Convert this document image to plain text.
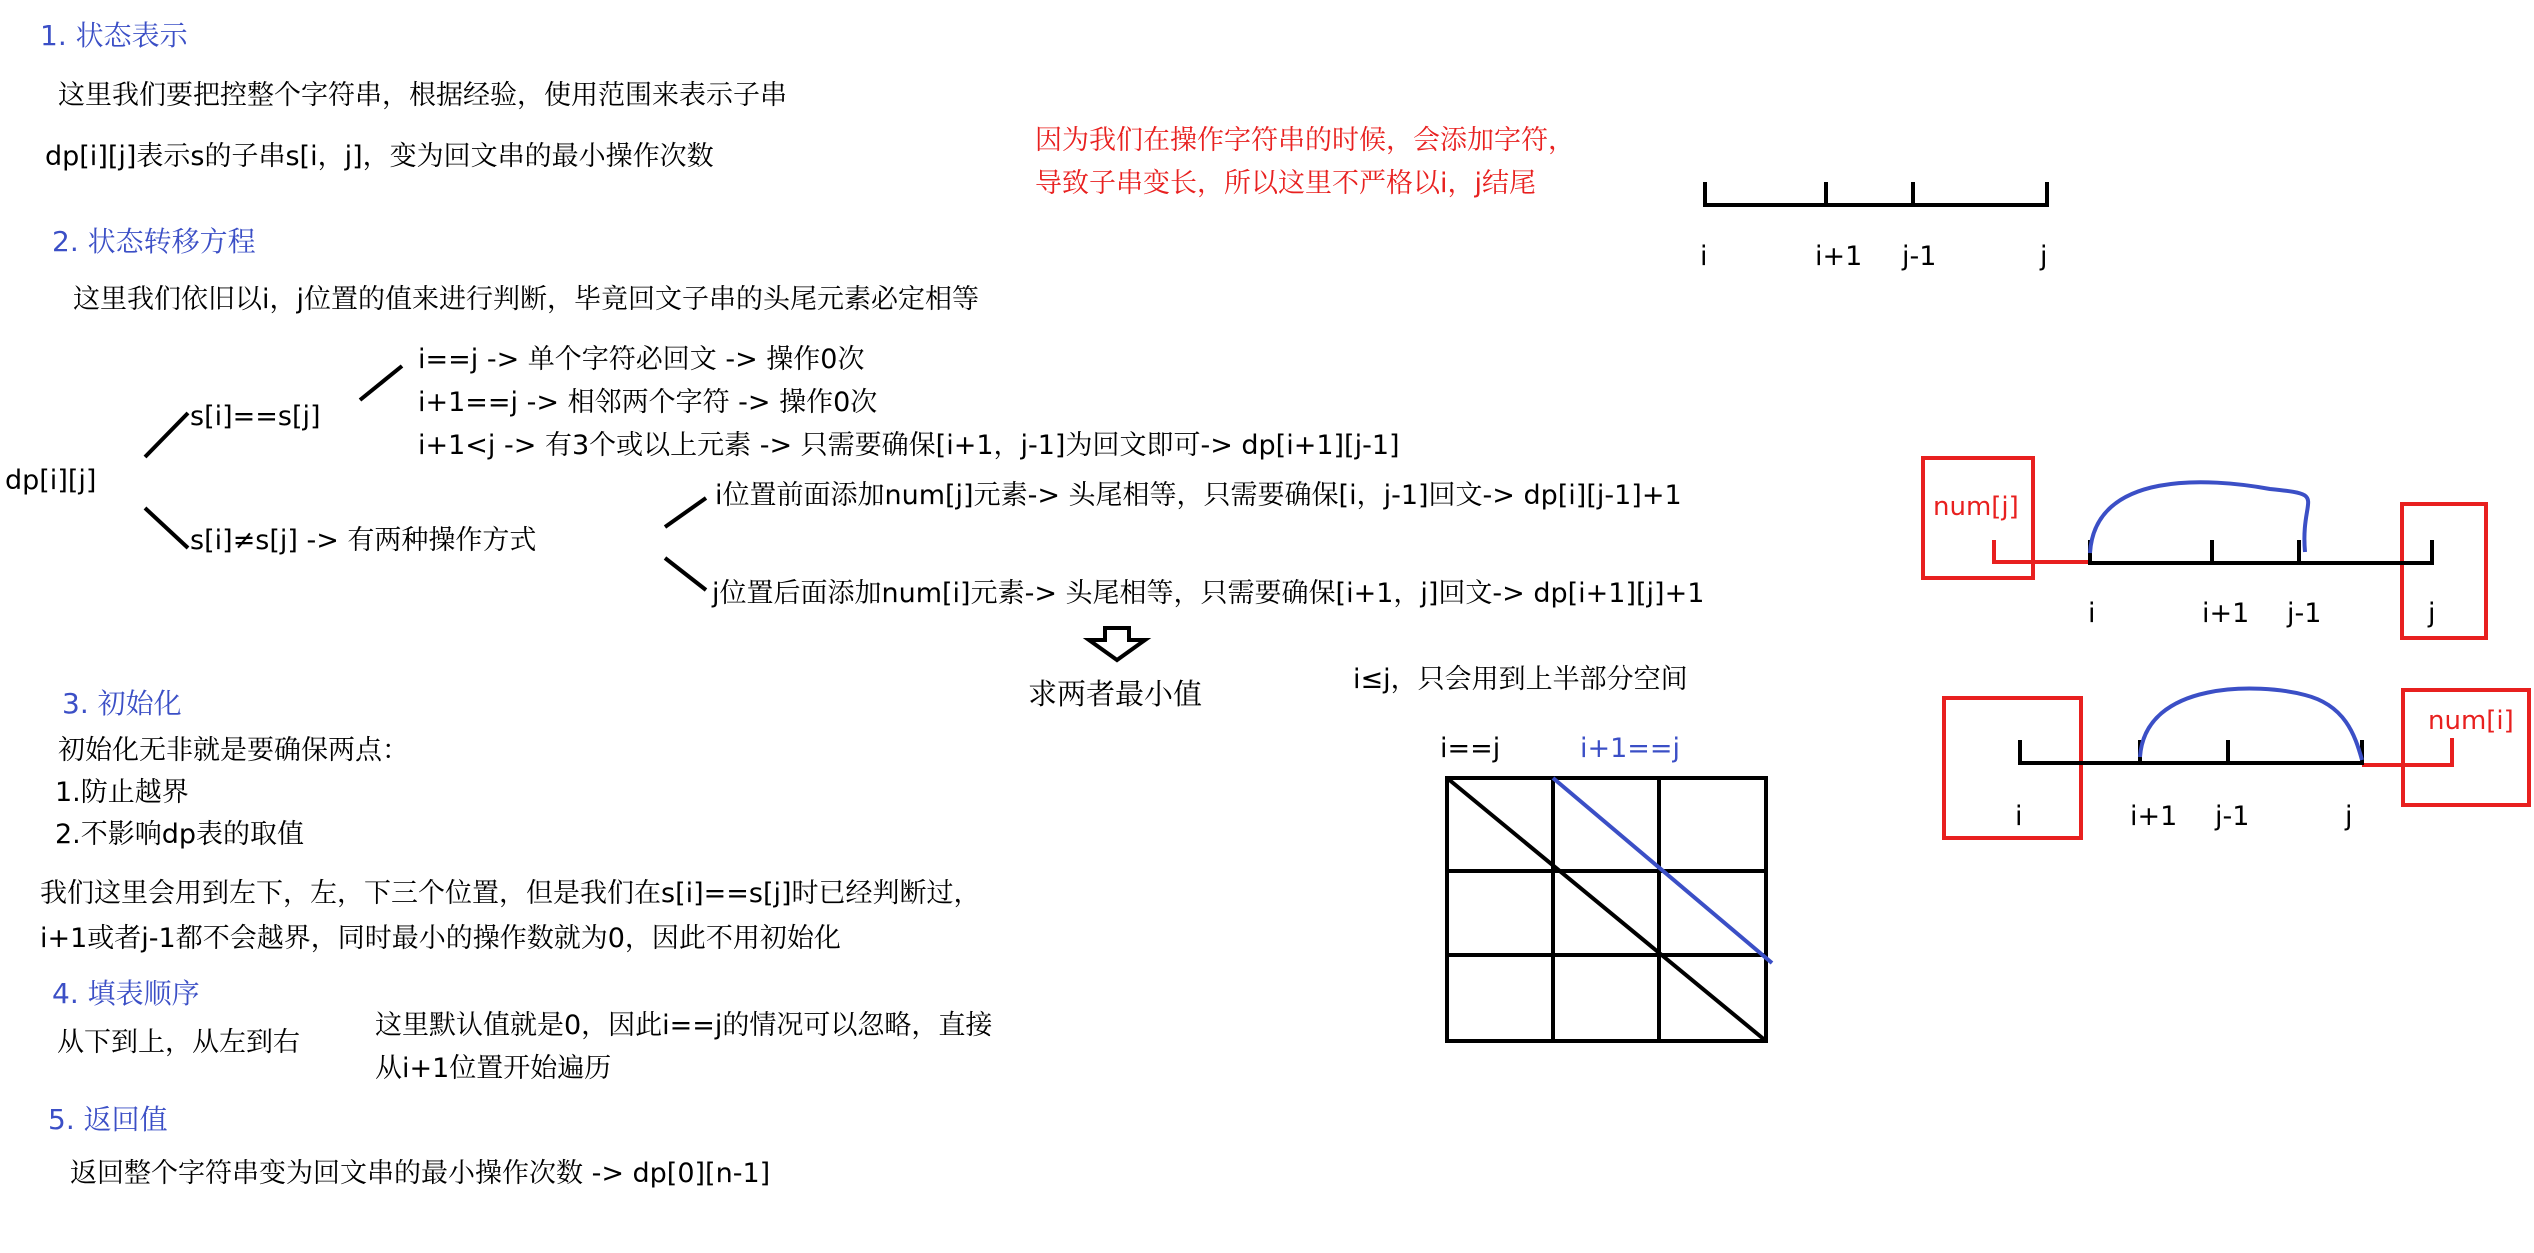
1. 状态表示
这里我们要把控整个字符串，根据经验，使用范围来表示子串
dp[i][j]表示s的子串s[i，j]，变为回文串的最小操作次数
因为我们在操作字符串的时候，会添加字符，
导致子串变长，所以这里不严格以i，j结尾
2. 状态转移方程
这里我们依旧以i，j位置的值来进行判断，毕竟回文子串的头尾元素必定相等
dp[i][j]
s[i]==s[j]
s[i]≠s[j] -> 有两种操作方式
i==j -> 单个字符必回文 -> 操作0次
i+1==j -> 相邻两个字符 -> 操作0次
i+1<j -> 有3个或以上元素 -> 只需要确保[i+1，j-1]为回文即可-> dp[i+1][j-1]
i位置前面添加num[j]元素-> 头尾相等，只需要确保[i，j-1]回文-> dp[i][j-1]+1
j位置后面添加num[i]元素-> 头尾相等，只需要确保[i+1，j]回文-> dp[i+1][j]+1
求两者最小值
3. 初始化
初始化无非就是要确保两点：
1.防止越界
2.不影响dp表的取值
我们这里会用到左下，左，下三个位置，但是我们在s[i]==s[j]时已经判断过，
i+1或者j-1都不会越界，同时最小的操作数就为0，因此不用初始化
4. 填表顺序
从下到上，从左到右
这里默认值就是0，因此i==j的情况可以忽略，直接
从i+1位置开始遍历
5. 返回值
返回整个字符串变为回文串的最小操作次数 -> dp[0][n-1]
i≤j，只会用到上半部分空间
i==j	i+1==j
i	i+1 j-1	j
num[j]
i	i+1 j-1	j
num[i]
i	i+1 j-1	j
